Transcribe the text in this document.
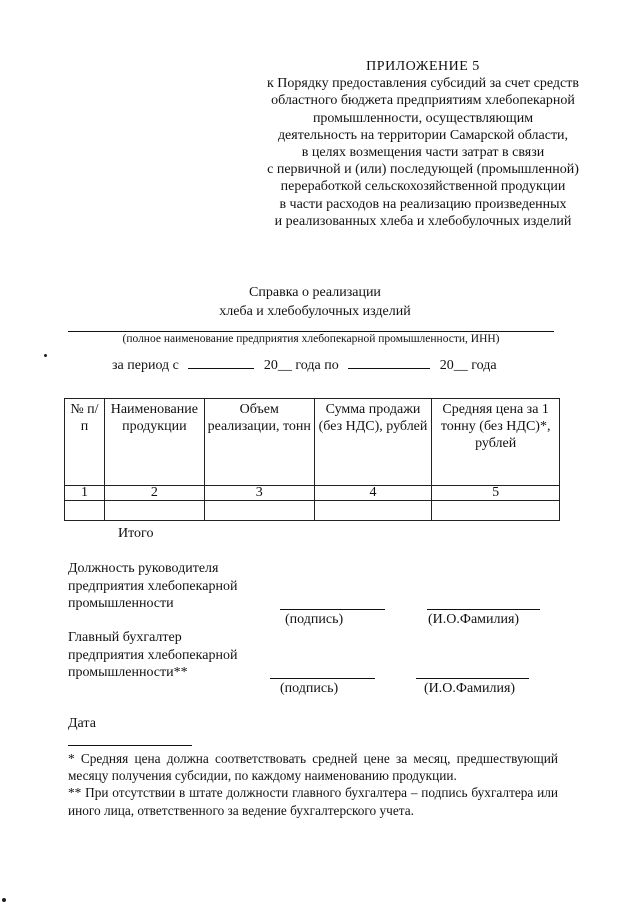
ПРИЛОЖЕНИЕ 5
к Порядку предоставления субсидий за счет средств
областного бюджета предприятиям хлебопекарной
промышленности, осуществляющим
деятельность на территории Самарской области,
в целях возмещения части затрат в связи
с первичной и (или) последующей (промышленной)
переработкой сельскохозяйственной продукции
в части расходов на реализацию произведенных
и реализованных хлеба и хлебобулочных изделий
Справка о реализации
хлеба и хлебобулочных изделий
(полное наименование предприятия хлебопекарной промышленности, ИНН)
за период с	20__ года по	20__ года
№ п/п	Наименование продукции	Объем реализации, тонн	Сумма продажи (без НДС), рублей	Средняя цена за 1 тонну (без НДС)*, рублей
1	2	3	4	5

Итого
Должность руководителя
предприятия хлебопекарной
промышленности
(подпись)	(И.О.Фамилия)
Главный бухгалтер
предприятия хлебопекарной
промышленности**
(подпись)	(И.О.Фамилия)
Дата
* Средняя цена должна соответствовать средней цене за месяц, предшествующий месяцу получения субсидии, по каждому наименованию продукции.
** При отсутствии в штате должности главного бухгалтера – подпись бухгалтера или иного лица, ответственного за ведение бухгалтерского учета.
